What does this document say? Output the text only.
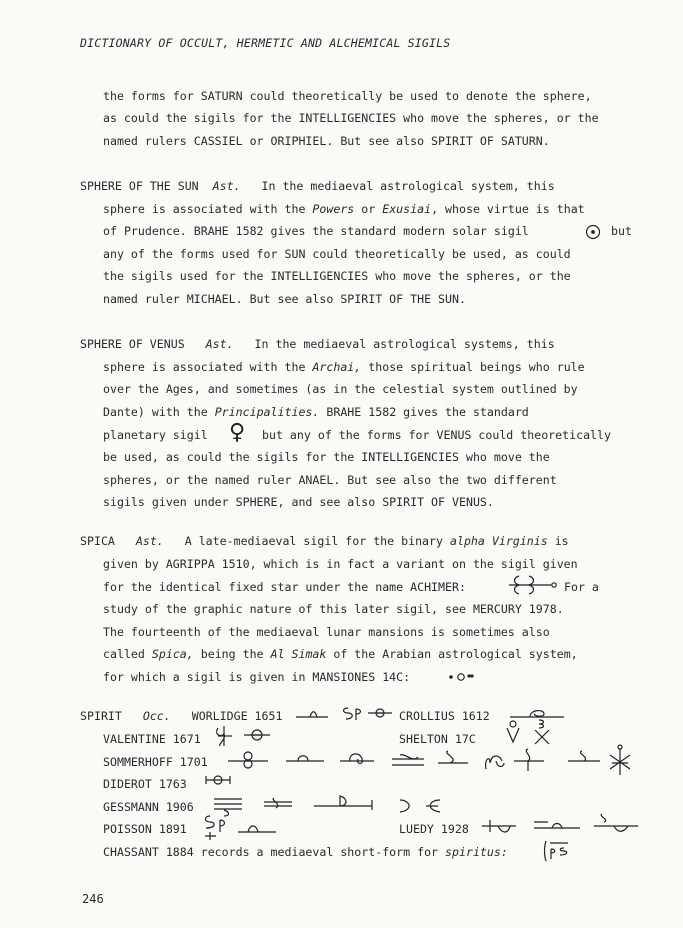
DICTIONARY OF OCCULT, HERMETIC AND ALCHEMICAL SIGILS
the forms for SATURN could theoretically be used to denote the sphere,
as could the sigils for the INTELLIGENCIES who move the spheres, or the
named rulers CASSIEL or ORIPHIEL. But see also SPIRIT OF SATURN.
SPHERE OF THE SUN Ast. In the mediaeval astrological system, this
sphere is associated with the Powers or Exusiai, whose virtue is that
of Prudence. BRAHE 1582 gives the standard modern solar sigil	but
any of the forms used for SUN could theoretically be used, as could
the sigils used for the INTELLIGENCIES who move the spheres, or the
named ruler MICHAEL. But see also SPIRIT OF THE SUN.
SPHERE OF VENUS Ast. In the mediaeval astrological systems, this
sphere is associated with the Archai, those spiritual beings who rule
over the Ages, and sometimes (as in the celestial system outlined by
Dante) with the Principalities. BRAHE 1582 gives the standard
planetary sigil ♀ but any of the forms for VENUS could theoretically
be used, as could the sigils for the INTELLIGENCIES who move the
spheres, or the named ruler ANAEL. But see also the two different
sigils given under SPHERE, and see also SPIRIT OF VENUS.
SPICA Ast. A late-mediaeval sigil for the binary alpha Virginis is
given by AGRIPPA 1510, which is in fact a variant on the sigil given
for the identical fixed star under the name ACHIMER:	For a
study of the graphic nature of this later sigil, see MERCURY 1978.
The fourteenth of the mediaeval lunar mansions is sometimes also
called Spica, being the Al Simak of the Arabian astrological system,
for which a sigil is given in MANSIONES 14C:
SPIRIT Occ. WORLIDGE 1651	CROLLIUS 1612
VALENTINE 1671	SHELTON 17C
SOMMERHOFF 1701
DIDEROT 1763
GESSMANN 1906
POISSON 1891	LUEDY 1928
CHASSANT 1884 records a mediaeval short-form for spiritus:
246
